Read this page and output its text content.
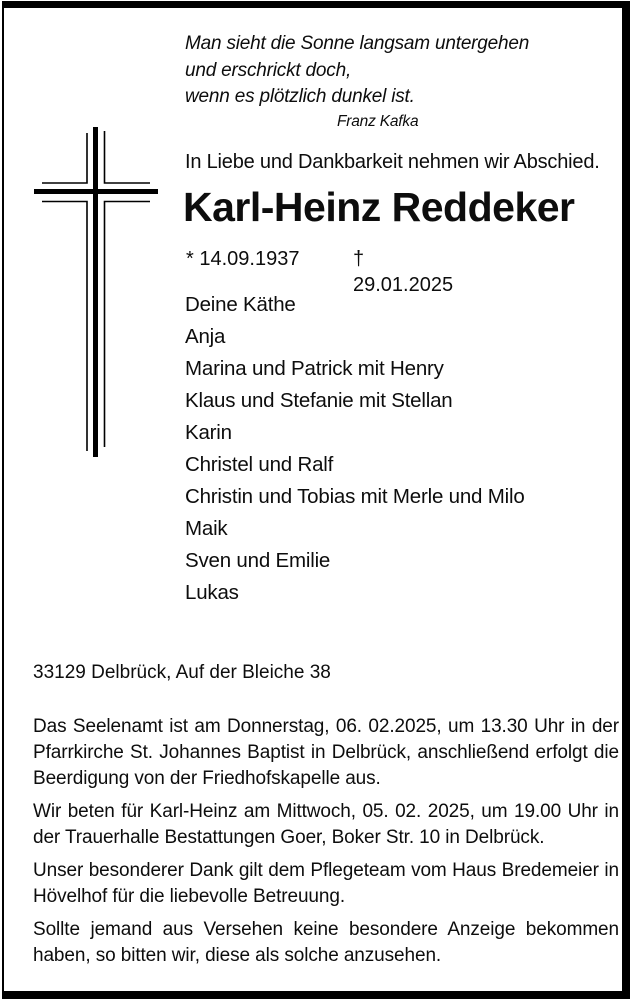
Man sieht die Sonne langsam untergehen
und erschrickt doch,
wenn es plötzlich dunkel ist.
Franz Kafka
In Liebe und Dankbarkeit nehmen wir Abschied.
Karl-Heinz Reddeker
* 14.09.1937	† 29.01.2025
Deine Käthe
Anja
Marina und Patrick mit Henry
Klaus und Stefanie mit Stellan
Karin
Christel und Ralf
Christin und Tobias mit Merle und Milo
Maik
Sven und Emilie
Lukas
33129 Delbrück, Auf der Bleiche 38

Das Seelenamt ist am Donnerstag, 06. 02.2025, um 13.30 Uhr in der Pfarrkirche St. Johannes Baptist in Delbrück, anschließend erfolgt die Beerdigung von der Friedhofskapelle aus.

Wir beten für Karl-Heinz am Mittwoch, 05. 02. 2025, um 19.00 Uhr in der Trauerhalle Bestattungen Goer, Boker Str. 10 in Delbrück.

Unser besonderer Dank gilt dem Pflegeteam vom Haus Bredemeier in Hövelhof für die liebevolle Betreuung.

Sollte jemand aus Versehen keine besondere Anzeige bekommen haben, so bitten wir, diese als solche anzusehen.
